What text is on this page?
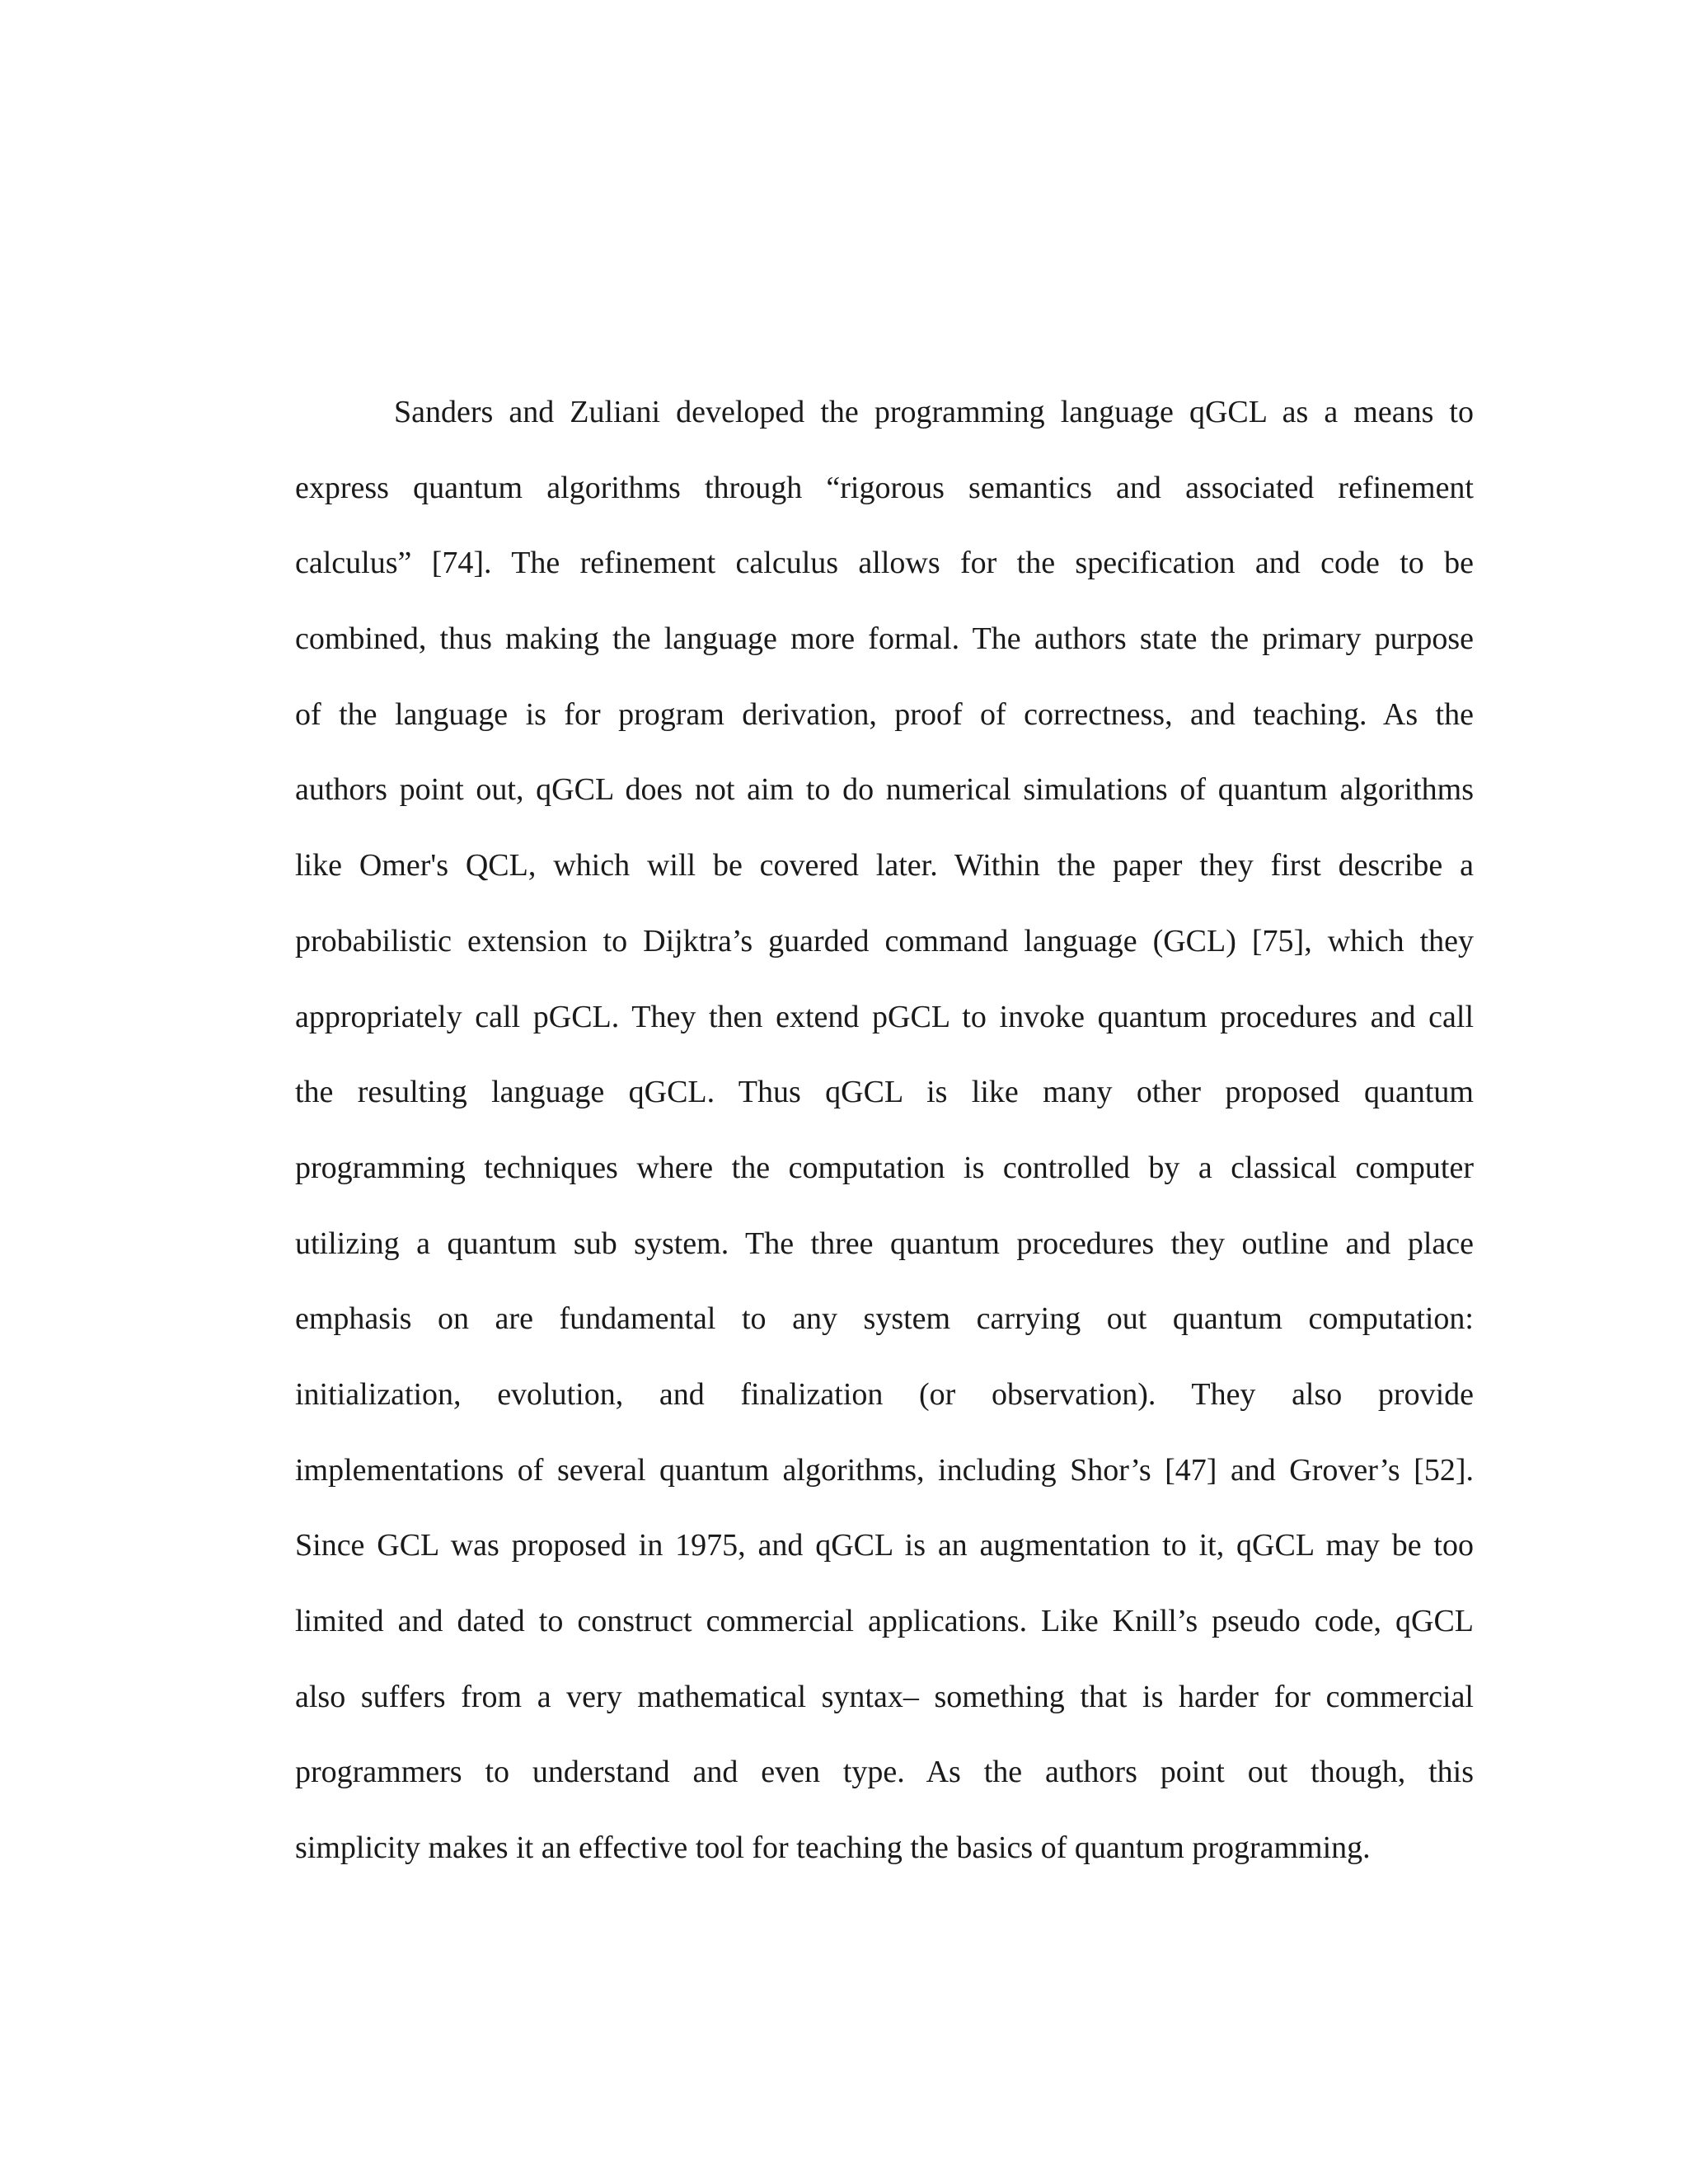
Sanders and Zuliani developed the programming language qGCL as a means to
express quantum algorithms through “rigorous semantics and associated refinement
calculus” [74]. The refinement calculus allows for the specification and code to be
combined, thus making the language more formal. The authors state the primary purpose
of the language is for program derivation, proof of correctness, and teaching. As the
authors point out, qGCL does not aim to do numerical simulations of quantum algorithms
like Omer's QCL, which will be covered later. Within the paper they first describe a
probabilistic extension to Dijktra’s guarded command language (GCL) [75], which they
appropriately call pGCL. They then extend pGCL to invoke quantum procedures and call
the resulting language qGCL. Thus qGCL is like many other proposed quantum
programming techniques where the computation is controlled by a classical computer
utilizing a quantum sub system. The three quantum procedures they outline and place
emphasis on are fundamental to any system carrying out quantum computation:
initialization, evolution, and finalization (or observation). They also provide
implementations of several quantum algorithms, including Shor’s [47] and Grover’s [52].
Since GCL was proposed in 1975, and qGCL is an augmentation to it, qGCL may be too
limited and dated to construct commercial applications. Like Knill’s pseudo code, qGCL
also suffers from a very mathematical syntax– something that is harder for commercial
programmers to understand and even type. As the authors point out though, this
simplicity makes it an effective tool for teaching the basics of quantum programming.
